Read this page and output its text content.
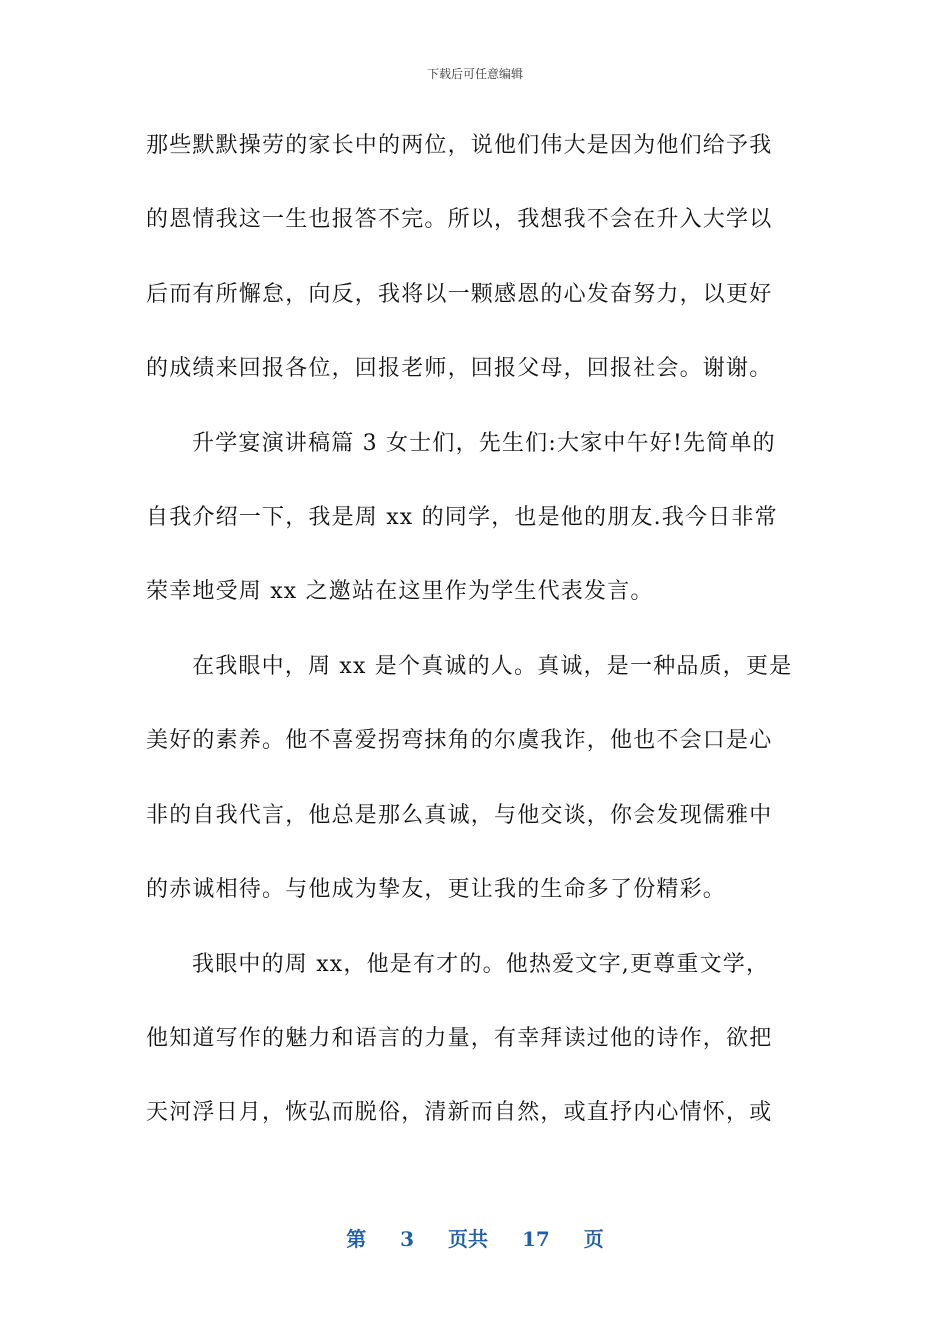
下载后可任意编辑
那些默默操劳的家长中的两位，说他们伟大是因为他们给予我
的恩情我这一生也报答不完。所以，我想我不会在升入大学以
后而有所懈怠，向反，我将以一颗感恩的心发奋努力，以更好
的成绩来回报各位，回报老师，回报父母，回报社会。谢谢。
升学宴演讲稿篇 3 女士们，先生们:大家中午好!先简单的
自我介绍一下，我是周 xx 的同学，也是他的朋友.我今日非常
荣幸地受周 xx 之邀站在这里作为学生代表发言。
在我眼中，周 xx 是个真诚的人。真诚，是一种品质，更是
美好的素养。他不喜爱拐弯抹角的尔虞我诈，他也不会口是心
非的自我代言，他总是那么真诚，与他交谈，你会发现儒雅中
的赤诚相待。与他成为挚友，更让我的生命多了份精彩。
我眼中的周 xx，他是有才的。他热爱文字,更尊重文学，
他知道写作的魅力和语言的力量，有幸拜读过他的诗作，欲把
天河浮日月，恢弘而脱俗，清新而自然，或直抒内心情怀，或
第 3 页共 17 页
